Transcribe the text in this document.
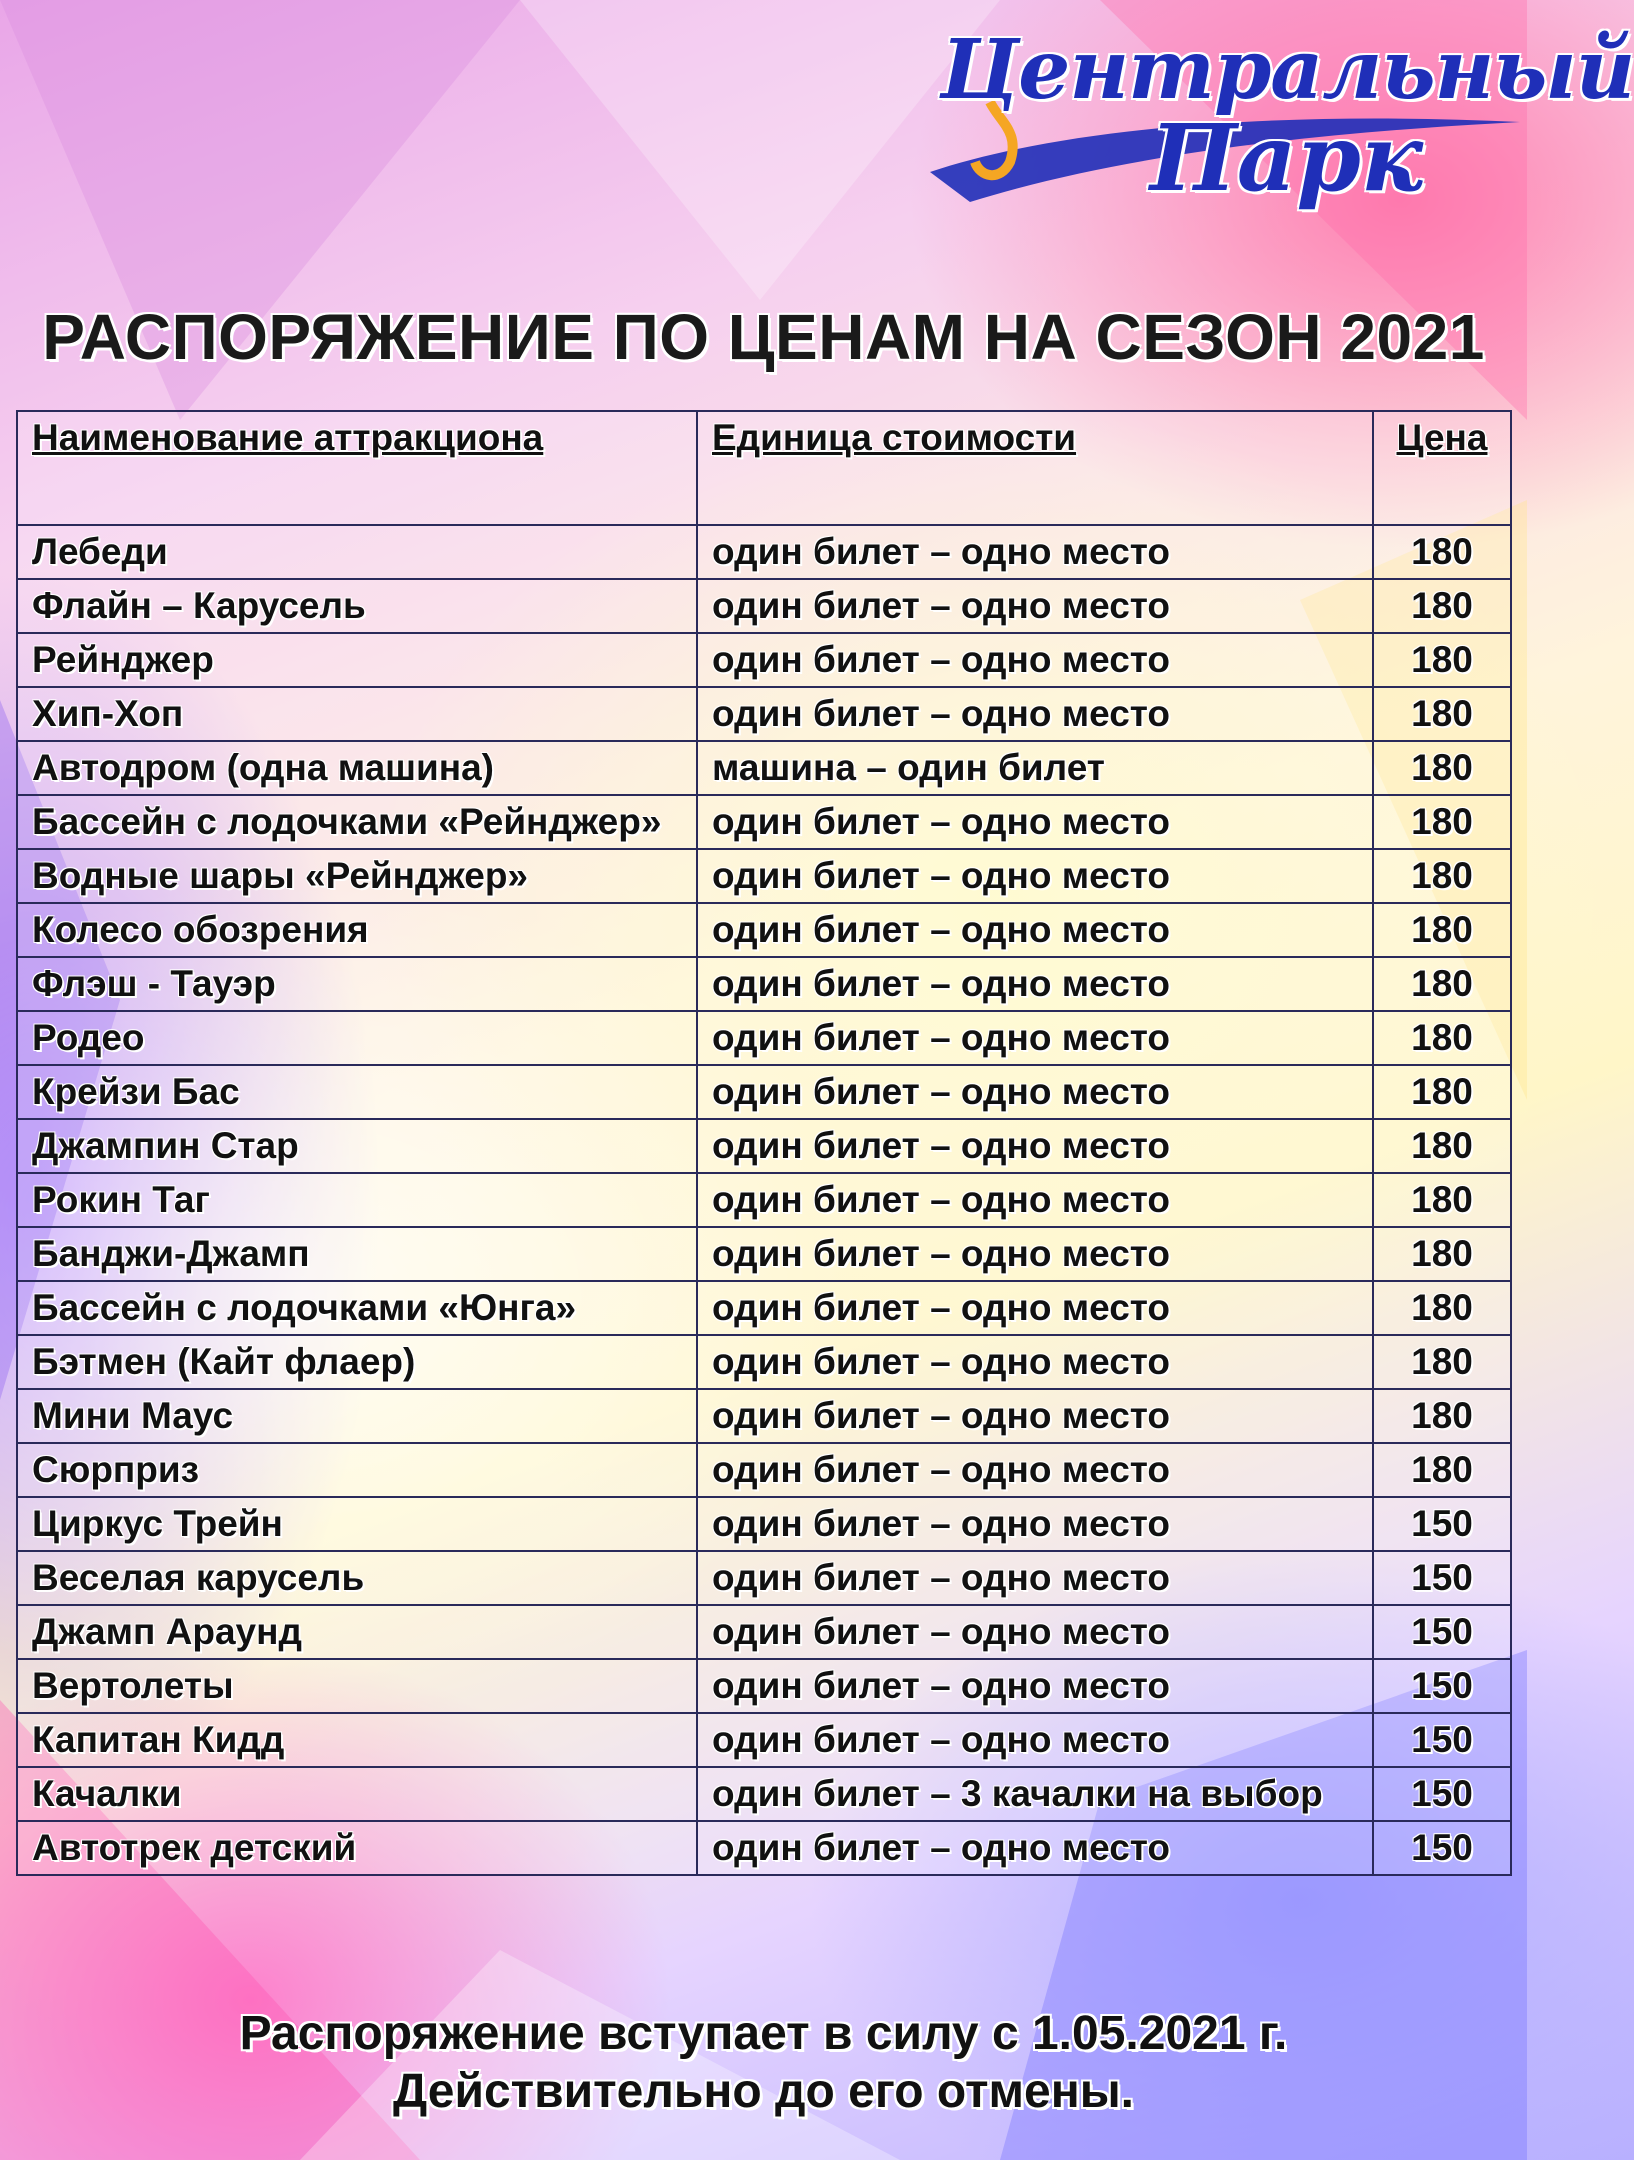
Центральный
Парк
РАСПОРЯЖЕНИЕ ПО ЦЕНАМ НА СЕЗОН 2021
Наименование аттракциона	Единица стоимости	Цена
Лебеди	один билет – одно место	180
Флайн – Карусель	один билет – одно место	180
Рейнджер	один билет – одно место	180
Хип-Хоп	один билет – одно место	180
Автодром (одна машина)	машина – один билет	180
Бассейн с лодочками «Рейнджер»	один билет – одно место	180
Водные шары «Рейнджер»	один билет – одно место	180
Колесо обозрения	один билет – одно место	180
Флэш - Тауэр	один билет – одно место	180
Родео	один билет – одно место	180
Крейзи Бас	один билет – одно место	180
Джампин Стар	один билет – одно место	180
Рокин Таг	один билет – одно место	180
Банджи-Джамп	один билет – одно место	180
Бассейн с лодочками «Юнга»	один билет – одно место	180
Бэтмен (Кайт флаер)	один билет – одно место	180
Мини Маус	один билет – одно место	180
Сюрприз	один билет – одно место	180
Циркус Трейн	один билет – одно место	150
Веселая карусель	один билет – одно место	150
Джамп Араунд	один билет – одно место	150
Вертолеты	один билет – одно место	150
Капитан Кидд	один билет – одно место	150
Качалки	один билет – 3 качалки на выбор	150
Автотрек детский	один билет – одно место	150
Распоряжение вступает в силу с 1.05.2021 г.
Действительно до его отмены.
